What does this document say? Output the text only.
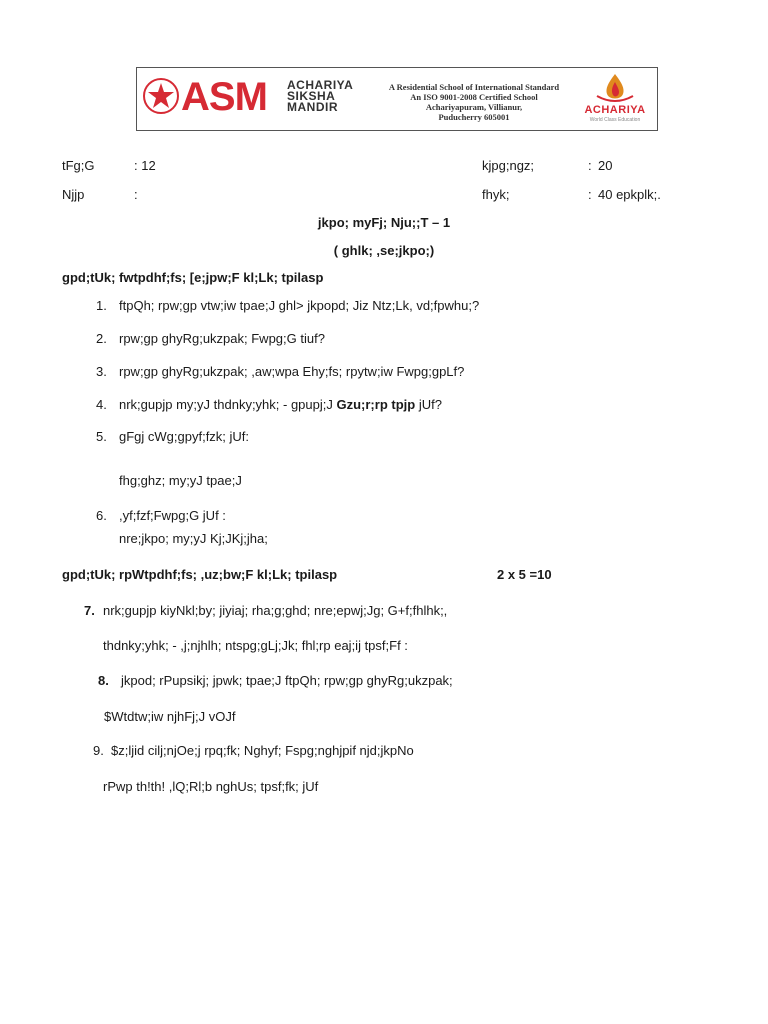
ASM ACHARIYA
SIKSHA
MANDIR
A Residential School of International Standard
An ISO 9001-2008 Certified School
Achariyapuram, Villianur,
Puducherry 605001
ACHARIYA
World Class Education
tFg;G	: 12	kjpg;ngz;	: 20
Njjp	:	fhyk;	: 40 epkplk;.
jkpo; myFj; Nju;;T – 1
( ghlk; ,se;jkpo;)
gpd;tUk; fwtpdhf;fs; [e;jpw;F kl;Lk; tpilasp
1. ftpQh; rpw;gp vtw;iw tpae;J ghl> jkpopd; Jiz Ntz;Lk, vd;fpwhu;?
2. rpw;gp ghyRg;ukzpak; Fwpg;G tiuf?
3. rpw;gp ghyRg;ukzpak; ,aw;wpa Ehy;fs; rpytw;iw Fwpg;gpLf?
4. nrk;gupjp my;yJ thdnky;yhk; - gpupj;J Gzu;r;rp tpjp jUf?
5. gFgj cWg;gpyf;fzk; jUf:
fhg;ghz; my;yJ tpae;J
6. ,yf;fzf;Fwpg;G jUf :
nre;jkpo; my;yJ Kj;JKj;jha;
gpd;tUk; rpWtpdhf;fs; ,uz;bw;F kl;Lk; tpilasp	2 x 5 =10
7. nrk;gupjp kiyNkl;by; jiyiaj; rha;g;ghd; nre;epwj;Jg; G+f;fhlhk;,
thdnky;yhk; - ,j;njhlh; ntspg;gLj;Jk; fhl;rp eaj;ij tpsf;Ff :
8. jkpod; rPupsikj; jpwk; tpae;J ftpQh; rpw;gp ghyRg;ukzpak;
$Wtdtw;iw njhFj;J vOJf
9. $z;ljid cilj;njOe;j rpq;fk; Nghyf; Fspg;nghjpif njd;jkpNo
rPwp th!th! ,lQ;Rl;b nghUs; tpsf;fk; jUf
